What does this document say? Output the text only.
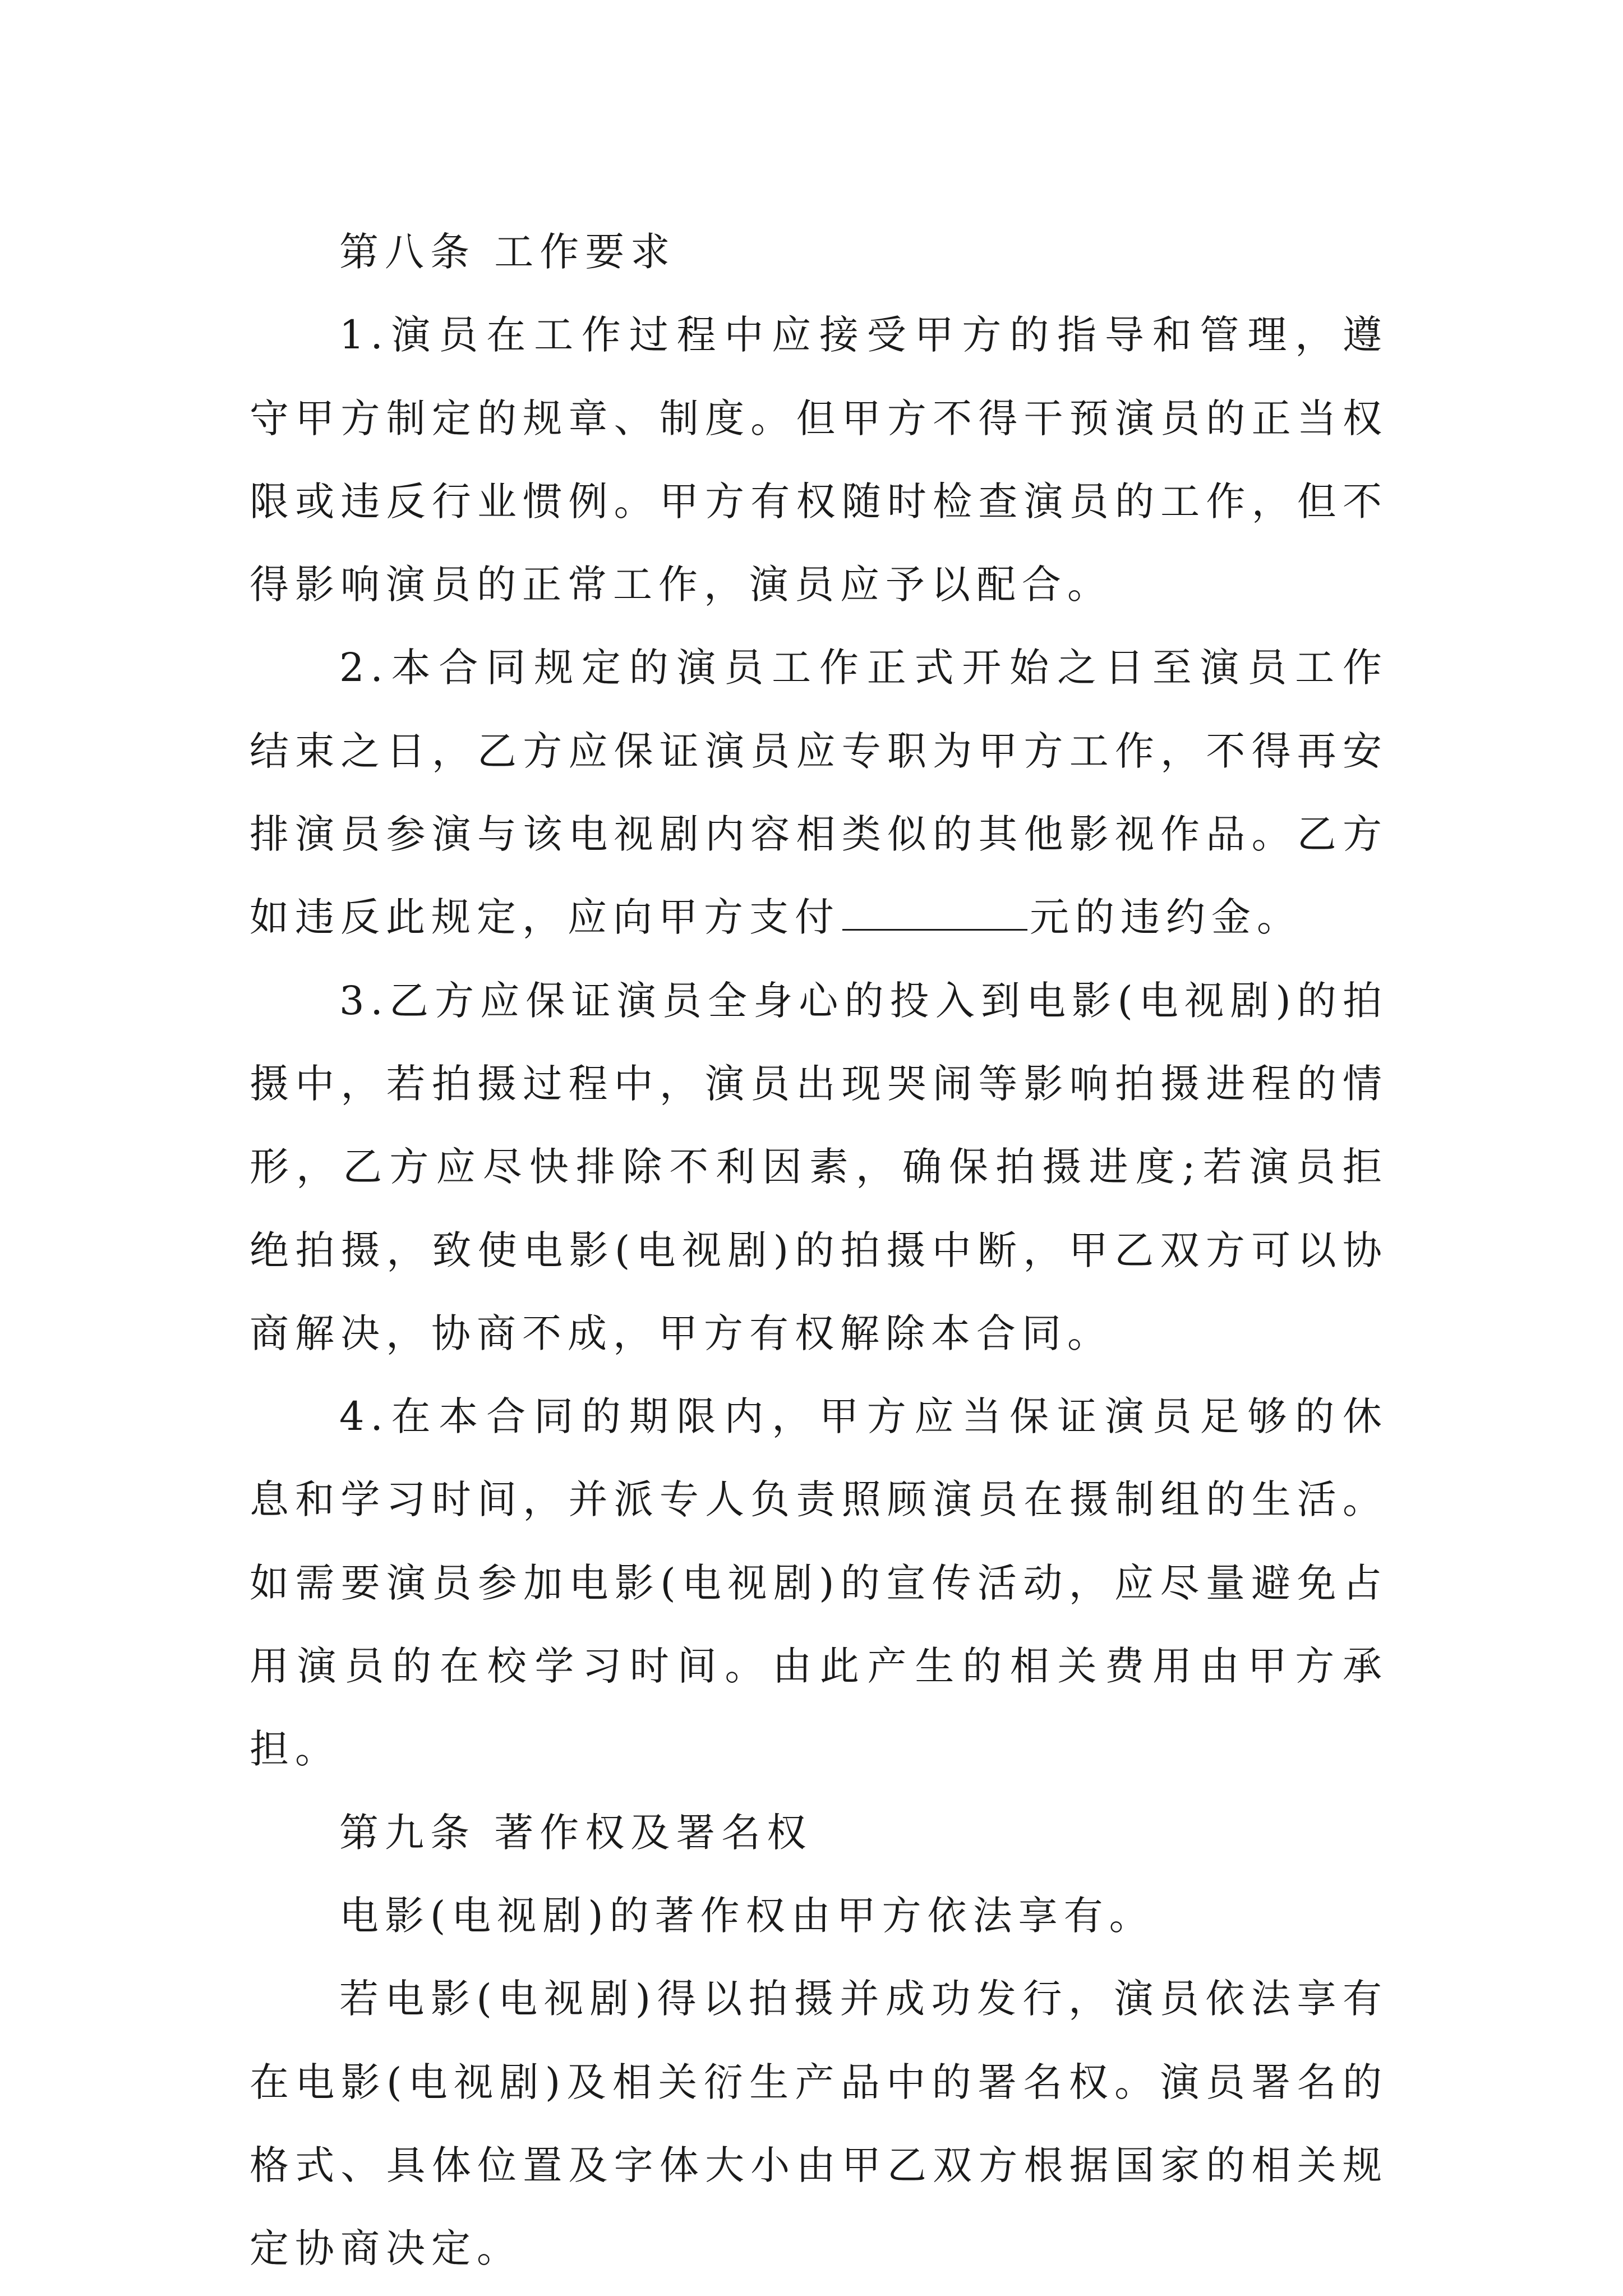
第八条 工作要求

1.演员在工作过程中应接受甲方的指导和管理，遵守甲方制定的规章、制度。但甲方不得干预演员的正当权限或违反行业惯例。甲方有权随时检查演员的工作，但不得影响演员的正常工作，演员应予以配合。

2.本合同规定的演员工作正式开始之日至演员工作结束之日，乙方应保证演员应专职为甲方工作，不得再安排演员参演与该电视剧内容相类似的其他影视作品。乙方如违反此规定，应向甲方支付	元的违约金。

3.乙方应保证演员全身心的投入到电影(电视剧)的拍摄中，若拍摄过程中，演员出现哭闹等影响拍摄进程的情形，乙方应尽快排除不利因素，确保拍摄进度;若演员拒绝拍摄，致使电影(电视剧)的拍摄中断，甲乙双方可以协商解决，协商不成，甲方有权解除本合同。

4.在本合同的期限内，甲方应当保证演员足够的休息和学习时间，并派专人负责照顾演员在摄制组的生活。如需要演员参加电影(电视剧)的宣传活动，应尽量避免占用演员的在校学习时间。由此产生的相关费用由甲方承担。

第九条 著作权及署名权

电影(电视剧)的著作权由甲方依法享有。

若电影(电视剧)得以拍摄并成功发行，演员依法享有在电影(电视剧)及相关衍生产品中的署名权。演员署名的格式、具体位置及字体大小由甲乙双方根据国家的相关规定协商决定。
